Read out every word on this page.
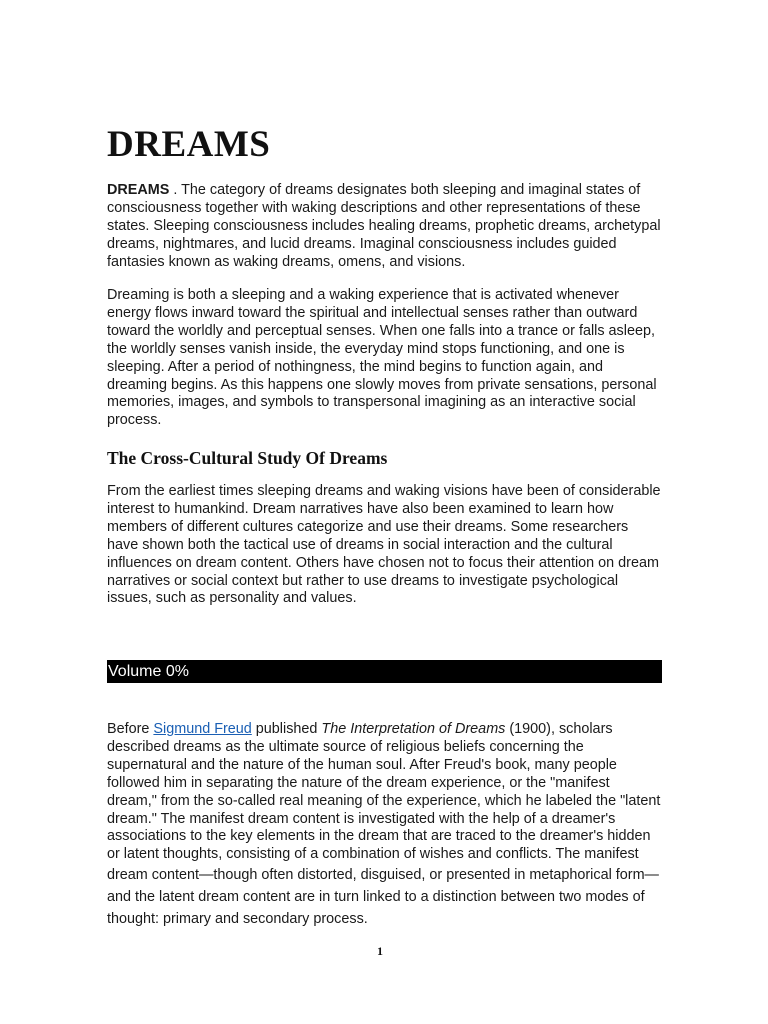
DREAMS

DREAMS . The category of dreams designates both sleeping and imaginal states of consciousness together with waking descriptions and other representations of these states. Sleeping consciousness includes healing dreams, prophetic dreams, archetypal dreams, nightmares, and lucid dreams. Imaginal consciousness includes guided fantasies known as waking dreams, omens, and visions.

Dreaming is both a sleeping and a waking experience that is activated whenever energy flows inward toward the spiritual and intellectual senses rather than outward toward the worldly and perceptual senses. When one falls into a trance or falls asleep, the worldly senses vanish inside, the everyday mind stops functioning, and one is sleeping. After a period of nothingness, the mind begins to function again, and dreaming begins. As this happens one slowly moves from private sensations, personal memories, images, and symbols to transpersonal imagining as an interactive social process.

The Cross-Cultural Study Of Dreams

From the earliest times sleeping dreams and waking visions have been of considerable interest to humankind. Dream narratives have also been examined to learn how members of different cultures categorize and use their dreams. Some researchers have shown both the tactical use of dreams in social interaction and the cultural influences on dream content. Others have chosen not to focus their attention on dream narratives or social context but rather to use dreams to investigate psychological issues, such as personality and values.

Volume 0%

Before Sigmund Freud published The Interpretation of Dreams (1900), scholars described dreams as the ultimate source of religious beliefs concerning the supernatural and the nature of the human soul. After Freud's book, many people followed him in separating the nature of the dream experience, or the "manifest dream," from the so-called real meaning of the experience, which he labeled the "latent dream." The manifest dream content is investigated with the help of a dreamer's associations to the key elements in the dream that are traced to the dreamer's hidden or latent thoughts, consisting of a combination of wishes and conflicts. The manifest dream content—though often distorted, disguised, or presented in metaphorical form—and the latent dream content are in turn linked to a distinction between two modes of thought: primary and secondary process.

1
